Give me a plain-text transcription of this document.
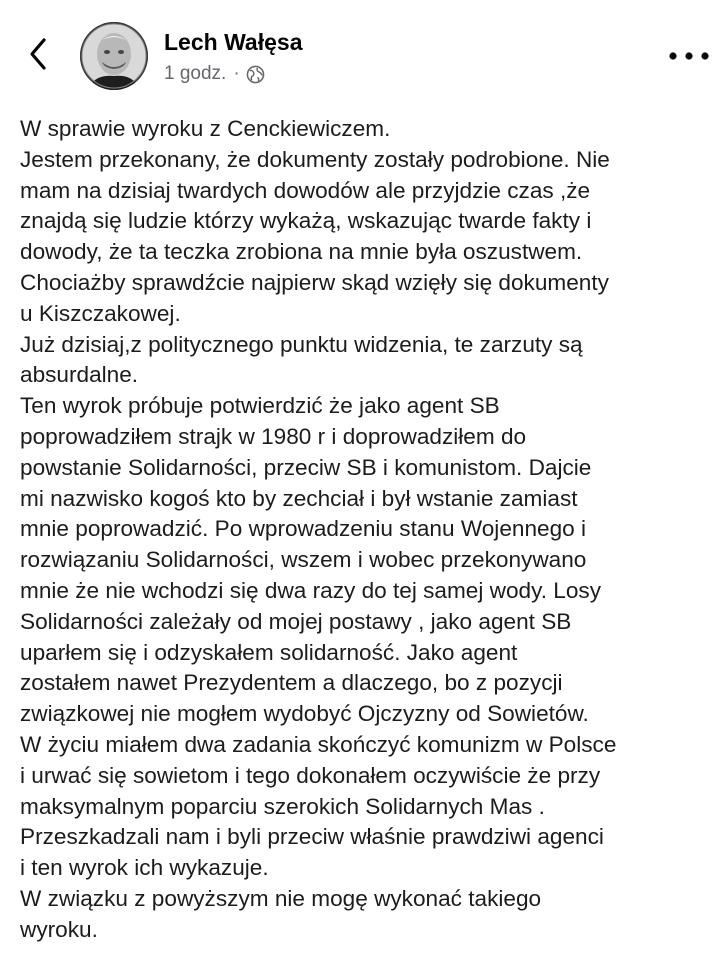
Lech Wałęsa
1 godz. ·
W sprawie wyroku z Cenckiewiczem.
Jestem przekonany, że dokumenty zostały podrobione. Nie
mam na dzisiaj twardych dowodów ale przyjdzie czas ,że
znajdą się ludzie którzy wykażą, wskazując twarde fakty i
dowody, że ta teczka zrobiona na mnie była oszustwem.
Chociażby sprawdźcie najpierw skąd wzięły się dokumenty
u Kiszczakowej.
Już dzisiaj,z politycznego punktu widzenia, te zarzuty są
absurdalne.
Ten wyrok próbuje potwierdzić że jako agent SB
poprowadziłem strajk w 1980 r i doprowadziłem do
powstanie Solidarności, przeciw SB i komunistom. Dajcie
mi nazwisko kogoś kto by zechciał i był wstanie zamiast
mnie poprowadzić. Po wprowadzeniu stanu Wojennego i
rozwiązaniu Solidarności, wszem i wobec przekonywano
mnie że nie wchodzi się dwa razy do tej samej wody. Losy
Solidarności zależały od mojej postawy , jako agent SB
uparłem się i odzyskałem solidarność. Jako agent
zostałem nawet Prezydentem a dlaczego, bo z pozycji
związkowej nie mogłem wydobyć Ojczyzny od Sowietów.
W życiu miałem dwa zadania skończyć komunizm w Polsce
i urwać się sowietom i tego dokonałem oczywiście że przy
maksymalnym poparciu szerokich Solidarnych Mas .
Przeszkadzali nam i byli przeciw właśnie prawdziwi agenci
i ten wyrok ich wykazuje.
W związku z powyższym nie mogę wykonać takiego
wyroku.
